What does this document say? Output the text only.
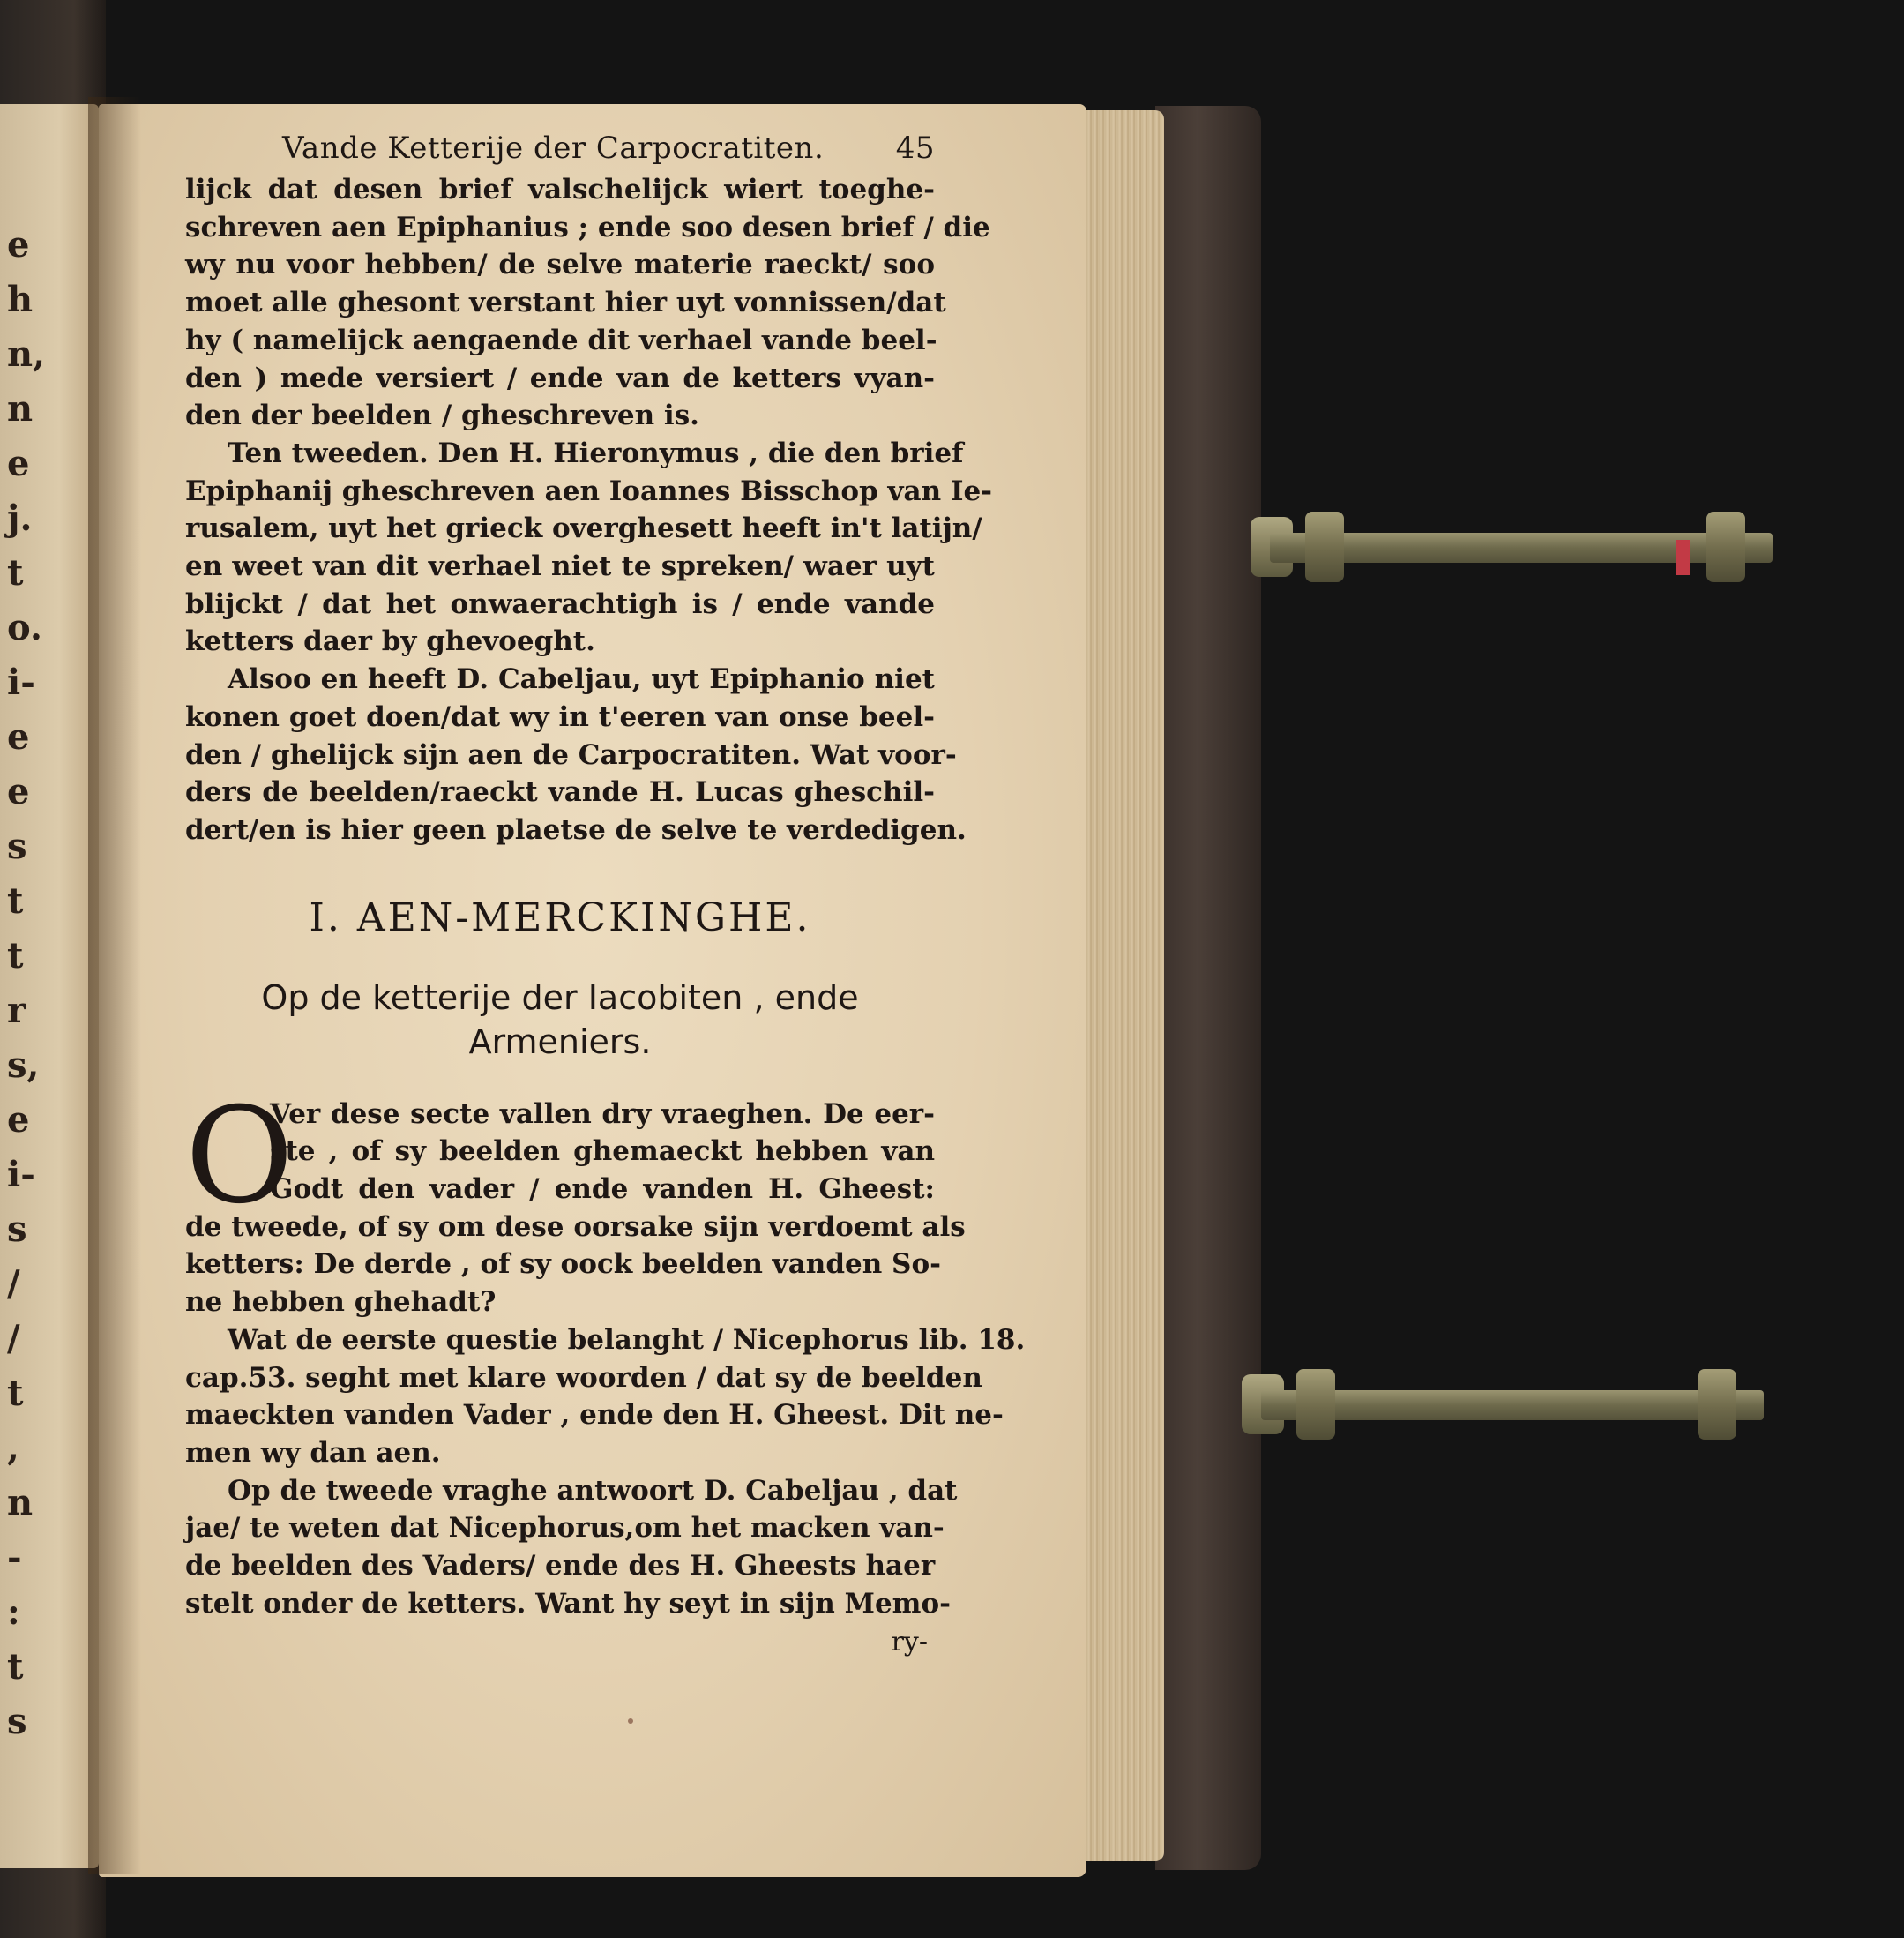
e
h
n,
n
e
j.
t
o.
i-
e
e
s
t
t
r
s,
e
i-
s
/
/
t
,
n
-
:
t
s
Vande Ketterije der Carpocratiten. 45
lijck dat desen brief valschelijck wiert toeghe-
schreven aen Epiphanius ; ende soo desen brief / die
wy nu voor hebben/ de selve materie raeckt/ soo
moet alle ghesont verstant hier uyt vonnissen/dat
hy ( namelijck aengaende dit verhael vande beel-
den ) mede versiert / ende van de ketters vyan-
den der beelden / gheschreven is.
Ten tweeden. Den H. Hieronymus , die den brief
Epiphanij gheschreven aen Ioannes Bisschop van Ie-
rusalem, uyt het grieck overghesett heeft in't latijn/
en weet van dit verhael niet te spreken/ waer uyt
blijckt / dat het onwaerachtigh is / ende vande
ketters daer by ghevoeght.
Alsoo en heeft D. Cabeljau, uyt Epiphanio niet
konen goet doen/dat wy in t'eeren van onse beel-
den / ghelijck sijn aen de Carpocratiten. Wat voor-
ders de beelden/raeckt vande H. Lucas gheschil-
dert/en is hier geen plaetse de selve te verdedigen.
I. AEN-MERCKINGHE.
Op de ketterije der Iacobiten , ende
Armeniers.
O
Ver dese secte vallen dry vraeghen. De eer-
ste , of sy beelden ghemaeckt hebben van
Godt den vader / ende vanden H. Gheest:
de tweede, of sy om dese oorsake sijn verdoemt als
ketters: De derde , of sy oock beelden vanden So-
ne hebben ghehadt?
Wat de eerste questie belanght / Nicephorus lib. 18.
cap.53. seght met klare woorden / dat sy de beelden
maeckten vanden Vader , ende den H. Gheest. Dit ne-
men wy dan aen.
Op de tweede vraghe antwoort D. Cabeljau , dat
jae/ te weten dat Nicephorus,om het macken van-
de beelden des Vaders/ ende des H. Gheests haer
stelt onder de ketters. Want hy seyt in sijn Memo-
ry-
